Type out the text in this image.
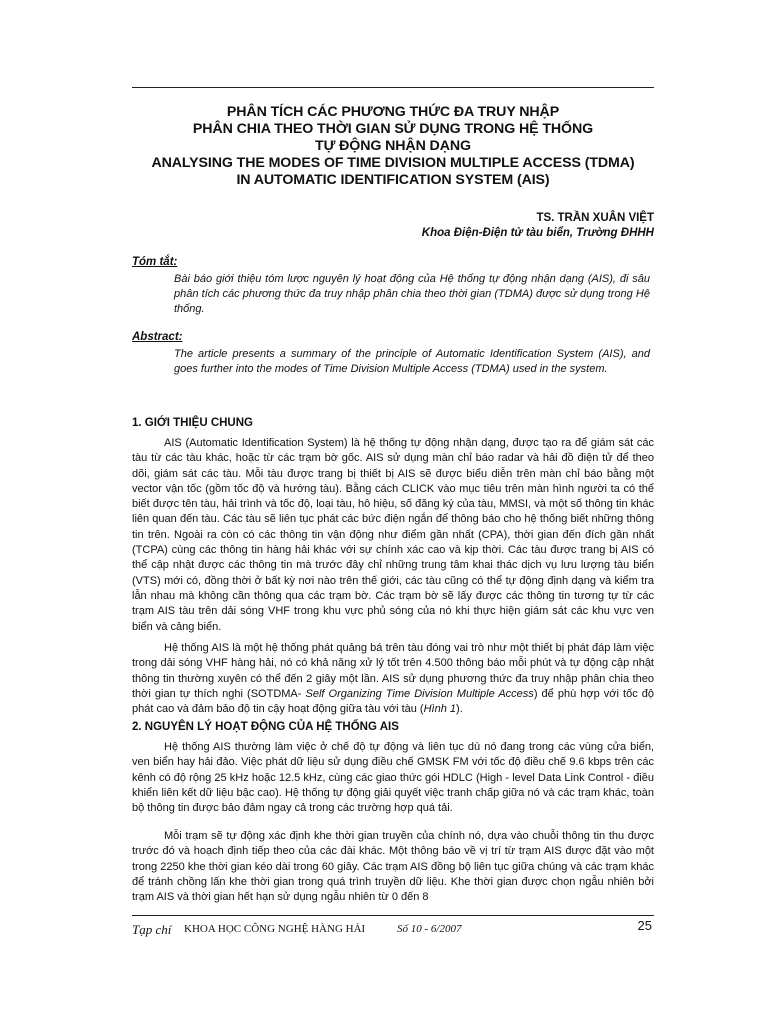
PHÂN TÍCH CÁC PHƯƠNG THỨC ĐA TRUY NHẬP
PHÂN CHIA THEO THỜI GIAN SỬ DỤNG TRONG HỆ THỐNG
TỰ ĐỘNG NHẬN DẠNG
ANALYSING THE MODES OF TIME DIVISION MULTIPLE ACCESS (TDMA)
IN AUTOMATIC IDENTIFICATION SYSTEM (AIS)
TS. TRẦN XUÂN VIỆT
Khoa Điện-Điện tử tàu biển, Trường ĐHHH
Tóm tắt:
Bài báo giới thiệu tóm lược nguyên lý hoạt động của Hệ thống tự động nhận dạng (AIS), đi sâu phân tích các phương thức đa truy nhập phân chia theo thời gian (TDMA) được sử dụng trong Hệ thống.
Abstract:
The article presents a summary of the principle of Automatic Identification System (AIS), and goes further into the modes of Time Division Multiple Access (TDMA) used in the system.
1. GIỚI THIỆU CHUNG
AIS (Automatic Identification System) là hệ thống tự động nhận dạng, được tạo ra để giám sát các tàu từ các tàu khác, hoặc từ các trạm bờ gốc. AIS sử dụng màn chỉ báo radar và hải đồ điện tử để theo dõi, giám sát các tàu. Mỗi tàu được trang bị thiết bị AIS sẽ được biểu diễn trên màn chỉ báo bằng một vector vận tốc (gồm tốc độ và hướng tàu). Bằng cách CLICK vào mục tiêu trên màn hình người ta có thể biết được tên tàu, hải trình và tốc độ, loại tàu, hô hiệu, số đăng ký của tàu, MMSI, và một số thông tin khác liên quan đến tàu. Các tàu sẽ liên tục phát các bức điện ngắn để thông báo cho hệ thống biết những thông tin trên. Ngoài ra còn có các thông tin vận động như điểm gần nhất (CPA), thời gian đến đích gần nhất (TCPA) cùng các thông tin hàng hải khác với sự chính xác cao và kịp thời. Các tàu được trang bị AIS có thể cập nhật được các thông tin mà trước đây chỉ những trung tâm khai thác dịch vụ lưu lượng tàu biển (VTS) mới có, đồng thời ở bất kỳ nơi nào trên thế giới, các tàu cũng có thể tự động định dạng và kiểm tra lẫn nhau mà không cần thông qua các trạm bờ. Các trạm bờ sẽ lấy được các thông tin tương tự từ các trạm AIS tàu trên dải sóng VHF trong khu vực phủ sóng của nó khi thực hiện giám sát các khu vực ven biển và cảng biển.
Hệ thống AIS là một hệ thống phát quảng bá trên tàu đóng vai trò như một thiết bị phát đáp làm việc trong dải sóng VHF hàng hải, nó có khả năng xử lý tốt trên 4.500 thông báo mỗi phút và tự động cập nhật thông tin thường xuyên có thể đến 2 giây một lần. AIS sử dụng phương thức đa truy nhập phân chia theo thời gian tự thích nghi (SOTDMA- Self Organizing Time Division Multiple Access) để phù hợp với tốc độ phát cao và đảm bảo độ tin cậy hoạt động giữa tàu với tàu (Hình 1).
2. NGUYÊN LÝ HOẠT ĐỘNG CỦA HỆ THỐNG AIS
Hệ thống AIS thường làm việc ở chế độ tự động và liên tục dù nó đang trong các vùng cửa biển, ven biển hay hải đảo. Việc phát dữ liệu sử dụng điều chế GMSK FM với tốc độ điều chế 9.6 kbps trên các kênh có độ rộng 25 kHz hoặc 12.5 kHz, cùng các giao thức gói HDLC (High - level Data Link Control - điều khiển liên kết dữ liệu bậc cao). Hệ thống tự động giải quyết việc tranh chấp giữa nó và các trạm khác, toàn bộ thông tin được bảo đảm ngay cả trong các trường hợp quá tải.
Mỗi trạm sẽ tự động xác định khe thời gian truyền của chính nó, dựa vào chuỗi thông tin thu được trước đó và hoạch định tiếp theo của các đài khác. Một thông báo về vị trí từ trạm AIS được đặt vào một trong 2250 khe thời gian kéo dài trong 60 giây. Các trạm AIS đồng bộ liên tục giữa chúng và các trạm khác để tránh chồng lấn khe thời gian trong quá trình truyền dữ liệu. Khe thời gian được chọn ngẫu nhiên bởi trạm AIS và thời gian hết hạn sử dụng ngẫu nhiên từ 0 đến 8
Tạp chí KHOA HỌC CÔNG NGHỆ HÀNG HẢI	Số 10 - 6/2007	25
